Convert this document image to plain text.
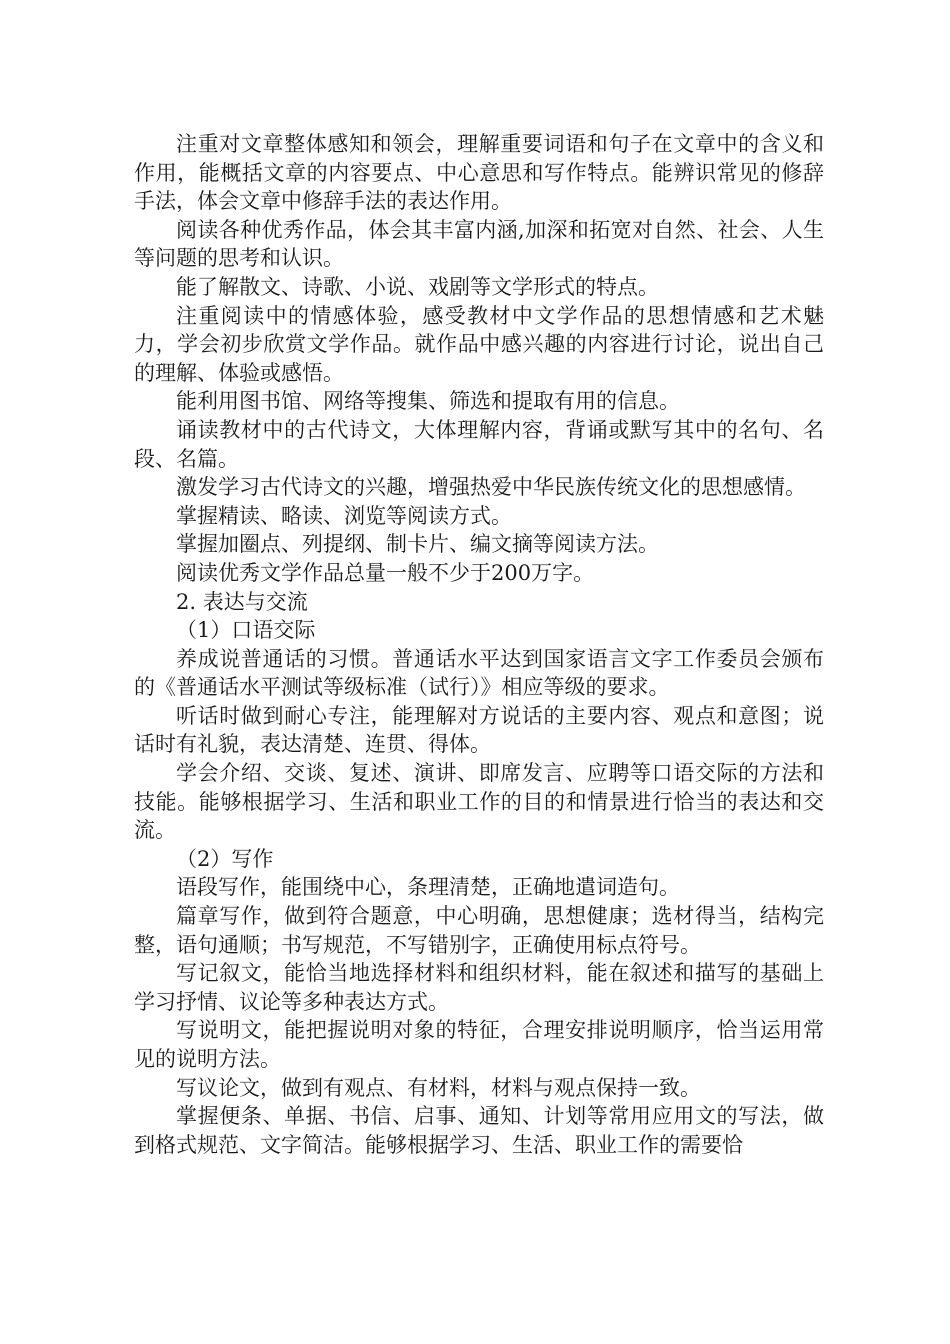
注重对文章整体感知和领会，理解重要词语和句子在文章中的含义和作用，能概括文章的内容要点、中心意思和写作特点。能辨识常见的修辞手法，体会文章中修辞手法的表达作用。

阅读各种优秀作品，体会其丰富内涵,加深和拓宽对自然、社会、人生等问题的思考和认识。

能了解散文、诗歌、小说、戏剧等文学形式的特点。

注重阅读中的情感体验，感受教材中文学作品的思想情感和艺术魅力，学会初步欣赏文学作品。就作品中感兴趣的内容进行讨论，说出自己的理解、体验或感悟。

能利用图书馆、网络等搜集、筛选和提取有用的信息。

诵读教材中的古代诗文，大体理解内容，背诵或默写其中的名句、名段、名篇。

激发学习古代诗文的兴趣，增强热爱中华民族传统文化的思想感情。

掌握精读、略读、浏览等阅读方式。

掌握加圈点、列提纲、制卡片、编文摘等阅读方法。

阅读优秀文学作品总量一般不少于200万字。

2. 表达与交流

（1）口语交际

养成说普通话的习惯。普通话水平达到国家语言文字工作委员会颁布的《普通话水平测试等级标准（试行）》相应等级的要求。

听话时做到耐心专注，能理解对方说话的主要内容、观点和意图；说话时有礼貌，表达清楚、连贯、得体。

学会介绍、交谈、复述、演讲、即席发言、应聘等口语交际的方法和技能。能够根据学习、生活和职业工作的目的和情景进行恰当的表达和交流。

（2）写作

语段写作，能围绕中心，条理清楚，正确地遣词造句。

篇章写作，做到符合题意，中心明确，思想健康；选材得当，结构完整，语句通顺；书写规范，不写错别字，正确使用标点符号。

写记叙文，能恰当地选择材料和组织材料，能在叙述和描写的基础上学习抒情、议论等多种表达方式。

写说明文，能把握说明对象的特征，合理安排说明顺序，恰当运用常见的说明方法。

写议论文，做到有观点、有材料，材料与观点保持一致。

掌握便条、单据、书信、启事、通知、计划等常用应用文的写法，做到格式规范、文字简洁。能够根据学习、生活、职业工作的需要恰
